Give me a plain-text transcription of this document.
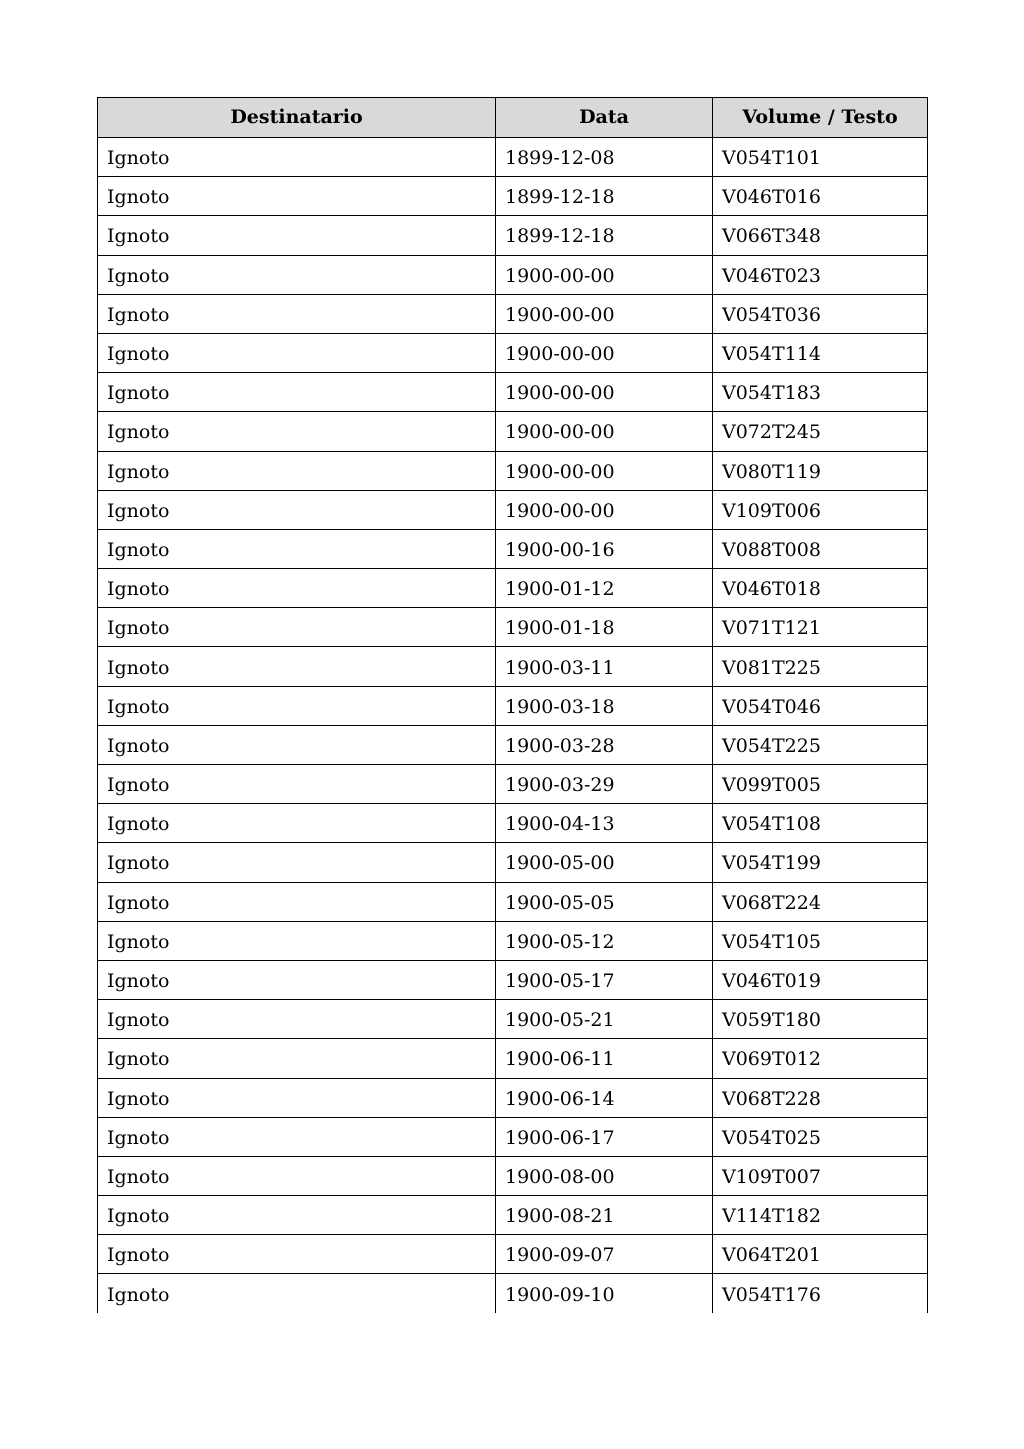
Destinatario	Data	Volume / Testo
Ignoto	1899-12-08	V054T101
Ignoto	1899-12-18	V046T016
Ignoto	1899-12-18	V066T348
Ignoto	1900-00-00	V046T023
Ignoto	1900-00-00	V054T036
Ignoto	1900-00-00	V054T114
Ignoto	1900-00-00	V054T183
Ignoto	1900-00-00	V072T245
Ignoto	1900-00-00	V080T119
Ignoto	1900-00-00	V109T006
Ignoto	1900-00-16	V088T008
Ignoto	1900-01-12	V046T018
Ignoto	1900-01-18	V071T121
Ignoto	1900-03-11	V081T225
Ignoto	1900-03-18	V054T046
Ignoto	1900-03-28	V054T225
Ignoto	1900-03-29	V099T005
Ignoto	1900-04-13	V054T108
Ignoto	1900-05-00	V054T199
Ignoto	1900-05-05	V068T224
Ignoto	1900-05-12	V054T105
Ignoto	1900-05-17	V046T019
Ignoto	1900-05-21	V059T180
Ignoto	1900-06-11	V069T012
Ignoto	1900-06-14	V068T228
Ignoto	1900-06-17	V054T025
Ignoto	1900-08-00	V109T007
Ignoto	1900-08-21	V114T182
Ignoto	1900-09-07	V064T201
Ignoto	1900-09-10	V054T176
